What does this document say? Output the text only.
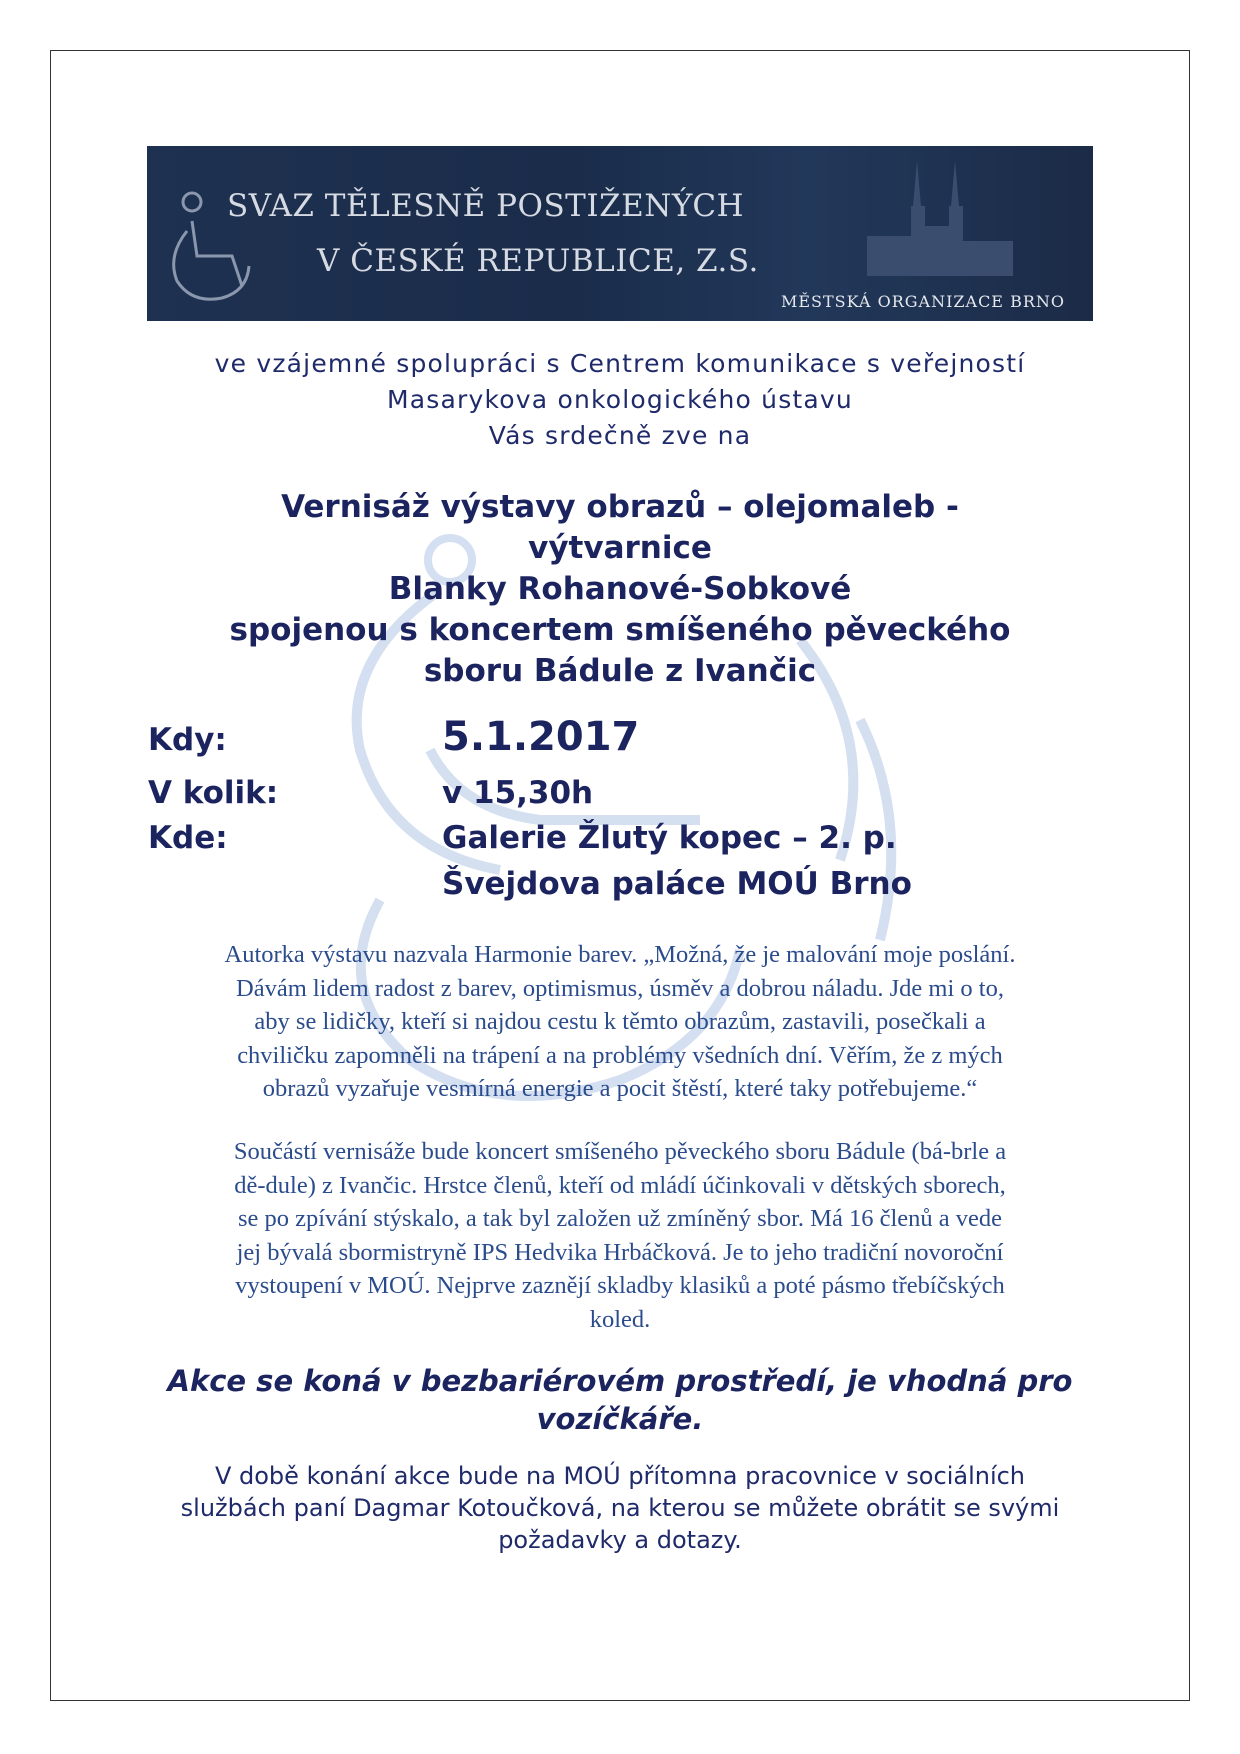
SVAZ TĚLESNĚ POSTIŽENÝCH
V ČESKÉ REPUBLICE, Z.S.
MĚSTSKÁ ORGANIZACE BRNO
ve vzájemné spolupráci s Centrem komunikace s veřejností
Masarykova onkologického ústavu
Vás srdečně zve na
Vernisáž výstavy obrazů – olejomaleb -
výtvarnice
Blanky Rohanové-Sobkové
spojenou s koncertem smíšeného pěveckého
sboru Bádule z Ivančic
Kdy:	5.1.2017
V kolik:	v 15,30h
Kde:	Galerie Žlutý kopec – 2. p.
Švejdova paláce MOÚ Brno
Autorka výstavu nazvala Harmonie barev. „Možná, že je malování moje poslání.
Dávám lidem radost z barev, optimismus, úsměv a dobrou náladu. Jde mi o to,
aby se lidičky, kteří si najdou cestu k těmto obrazům, zastavili, posečkali a
chviličku zapomněli na trápení a na problémy všedních dní. Věřím, že z mých
obrazů vyzařuje vesmírná energie a pocit štěstí, které taky potřebujeme.“
Součástí vernisáže bude koncert smíšeného pěveckého sboru Bádule (bá-brle a
dě-dule) z Ivančic. Hrstce členů, kteří od mládí účinkovali v dětských sborech,
se po zpívání stýskalo, a tak byl založen už zmíněný sbor. Má 16 členů a vede
jej bývalá sbormistryně IPS Hedvika Hrbáčková. Je to jeho tradiční novoroční
vystoupení v MOÚ. Nejprve zaznějí skladby klasiků a poté pásmo třebíčských
koled.
Akce se koná v bezbariérovém prostředí, je vhodná pro
vozíčkáře.
V době konání akce bude na MOÚ přítomna pracovnice v sociálních
službách paní Dagmar Kotoučková, na kterou se můžete obrátit se svými
požadavky a dotazy.
